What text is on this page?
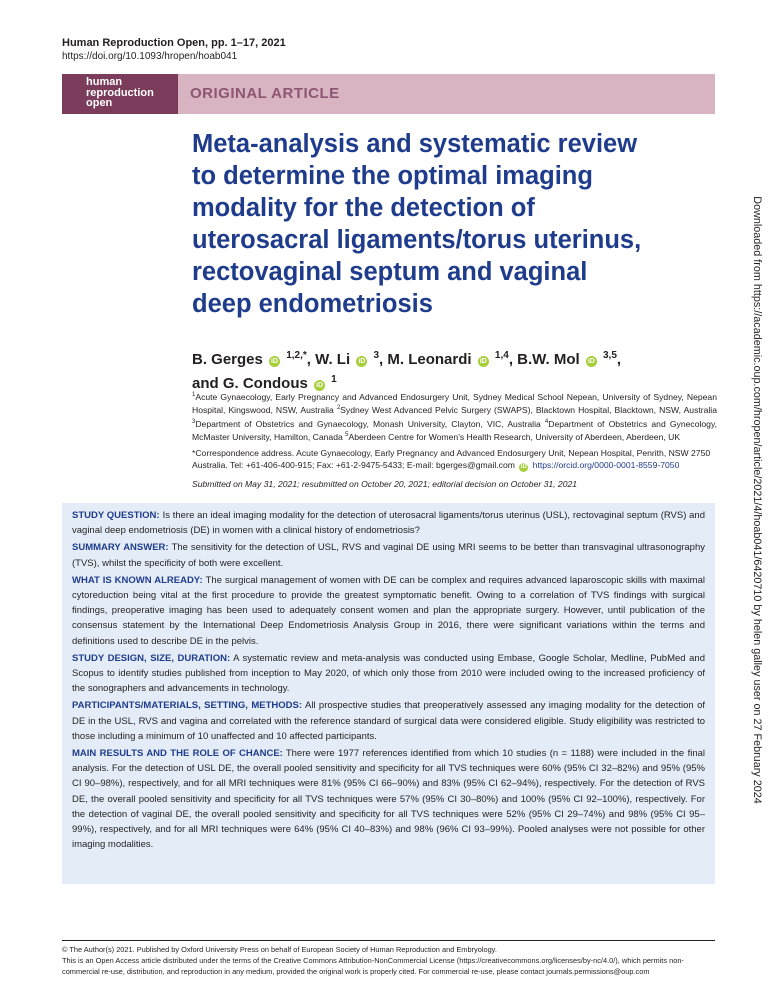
Human Reproduction Open, pp. 1–17, 2021
https://doi.org/10.1093/hropen/hoab041
human
reproduction
open
ORIGINAL ARTICLE
Meta-analysis and systematic review
to determine the optimal imaging
modality for the detection of
uterosacral ligaments/torus uterinus,
rectovaginal septum and vaginal
deep endometriosis
B. Gerges iD $^{1,2,*}$, W. Li iD $^3$, M. Leonardi iD $^{1,4}$, B.W. Mol iD $^{3,5}$,
and G. Condous iD $^1$
$^1$Acute Gynaecology, Early Pregnancy and Advanced Endosurgery Unit, Sydney Medical School Nepean, University of Sydney, Nepean Hospital, Kingswood, NSW, Australia $^2$Sydney West Advanced Pelvic Surgery (SWAPS), Blacktown Hospital, Blacktown, NSW, Australia $^3$Department of Obstetrics and Gynaecology, Monash University, Clayton, VIC, Australia $^4$Department of Obstetrics and Gynecology, McMaster University, Hamilton, Canada $^5$Aberdeen Centre for Women's Health Research, University of Aberdeen, Aberdeen, UK
*Correspondence address. Acute Gynaecology, Early Pregnancy and Advanced Endosurgery Unit, Nepean Hospital, Penrith, NSW 2750 Australia. Tel: +61-406-400-915; Fax: +61-2-9475-5433; E-mail: bgerges@gmail.com iD https://orcid.org/0000-0001-8559-7050
Submitted on May 31, 2021; resubmitted on October 20, 2021; editorial decision on October 31, 2021

STUDY QUESTION: Is there an ideal imaging modality for the detection of uterosacral ligaments/torus uterinus (USL), rectovaginal septum (RVS) and vaginal deep endometriosis (DE) in women with a clinical history of endometriosis?

SUMMARY ANSWER: The sensitivity for the detection of USL, RVS and vaginal DE using MRI seems to be better than transvaginal ultrasonography (TVS), whilst the specificity of both were excellent.

WHAT IS KNOWN ALREADY: The surgical management of women with DE can be complex and requires advanced laparoscopic skills with maximal cytoreduction being vital at the first procedure to provide the greatest symptomatic benefit. Owing to a correlation of TVS findings with surgical findings, preoperative imaging has been used to adequately consent women and plan the appropriate surgery. However, until publication of the consensus statement by the International Deep Endometriosis Analysis Group in 2016, there were significant variations within the terms and definitions used to describe DE in the pelvis.

STUDY DESIGN, SIZE, DURATION: A systematic review and meta-analysis was conducted using Embase, Google Scholar, Medline, PubMed and Scopus to identify studies published from inception to May 2020, of which only those from 2010 were included owing to the increased proficiency of the sonographers and advancements in technology.

PARTICIPANTS/MATERIALS, SETTING, METHODS: All prospective studies that preoperatively assessed any imaging modality for the detection of DE in the USL, RVS and vagina and correlated with the reference standard of surgical data were considered eligible. Study eligibility was restricted to those including a minimum of 10 unaffected and 10 affected participants.

MAIN RESULTS AND THE ROLE OF CHANCE: There were 1977 references identified from which 10 studies (n = 1188) were included in the final analysis. For the detection of USL DE, the overall pooled sensitivity and specificity for all TVS techniques were 60% (95% CI 32–82%) and 95% (95% CI 90–98%), respectively, and for all MRI techniques were 81% (95% CI 66–90%) and 83% (95% CI 62–94%), respectively. For the detection of RVS DE, the overall pooled sensitivity and specificity for all TVS techniques were 57% (95% CI 30–80%) and 100% (95% CI 92–100%), respectively. For the detection of vaginal DE, the overall pooled sensitivity and specificity for all TVS techniques were 52% (95% CI 29–74%) and 98% (95% CI 95–99%), respectively, and for all MRI techniques were 64% (95% CI 40–83%) and 98% (96% CI 93–99%). Pooled analyses were not possible for other imaging modalities.

Downloaded from https://academic.oup.com/hropen/article/2021/4/hoab041/6420710 by helen galley user on 27 February 2024
© The Author(s) 2021. Published by Oxford University Press on behalf of European Society of Human Reproduction and Embryology.
This is an Open Access article distributed under the terms of the Creative Commons Attribution-NonCommercial License (https://creativecommons.org/licenses/by-nc/4.0/), which permits non-commercial re-use, distribution, and reproduction in any medium, provided the original work is properly cited. For commercial re-use, please contact journals.permissions@oup.com
